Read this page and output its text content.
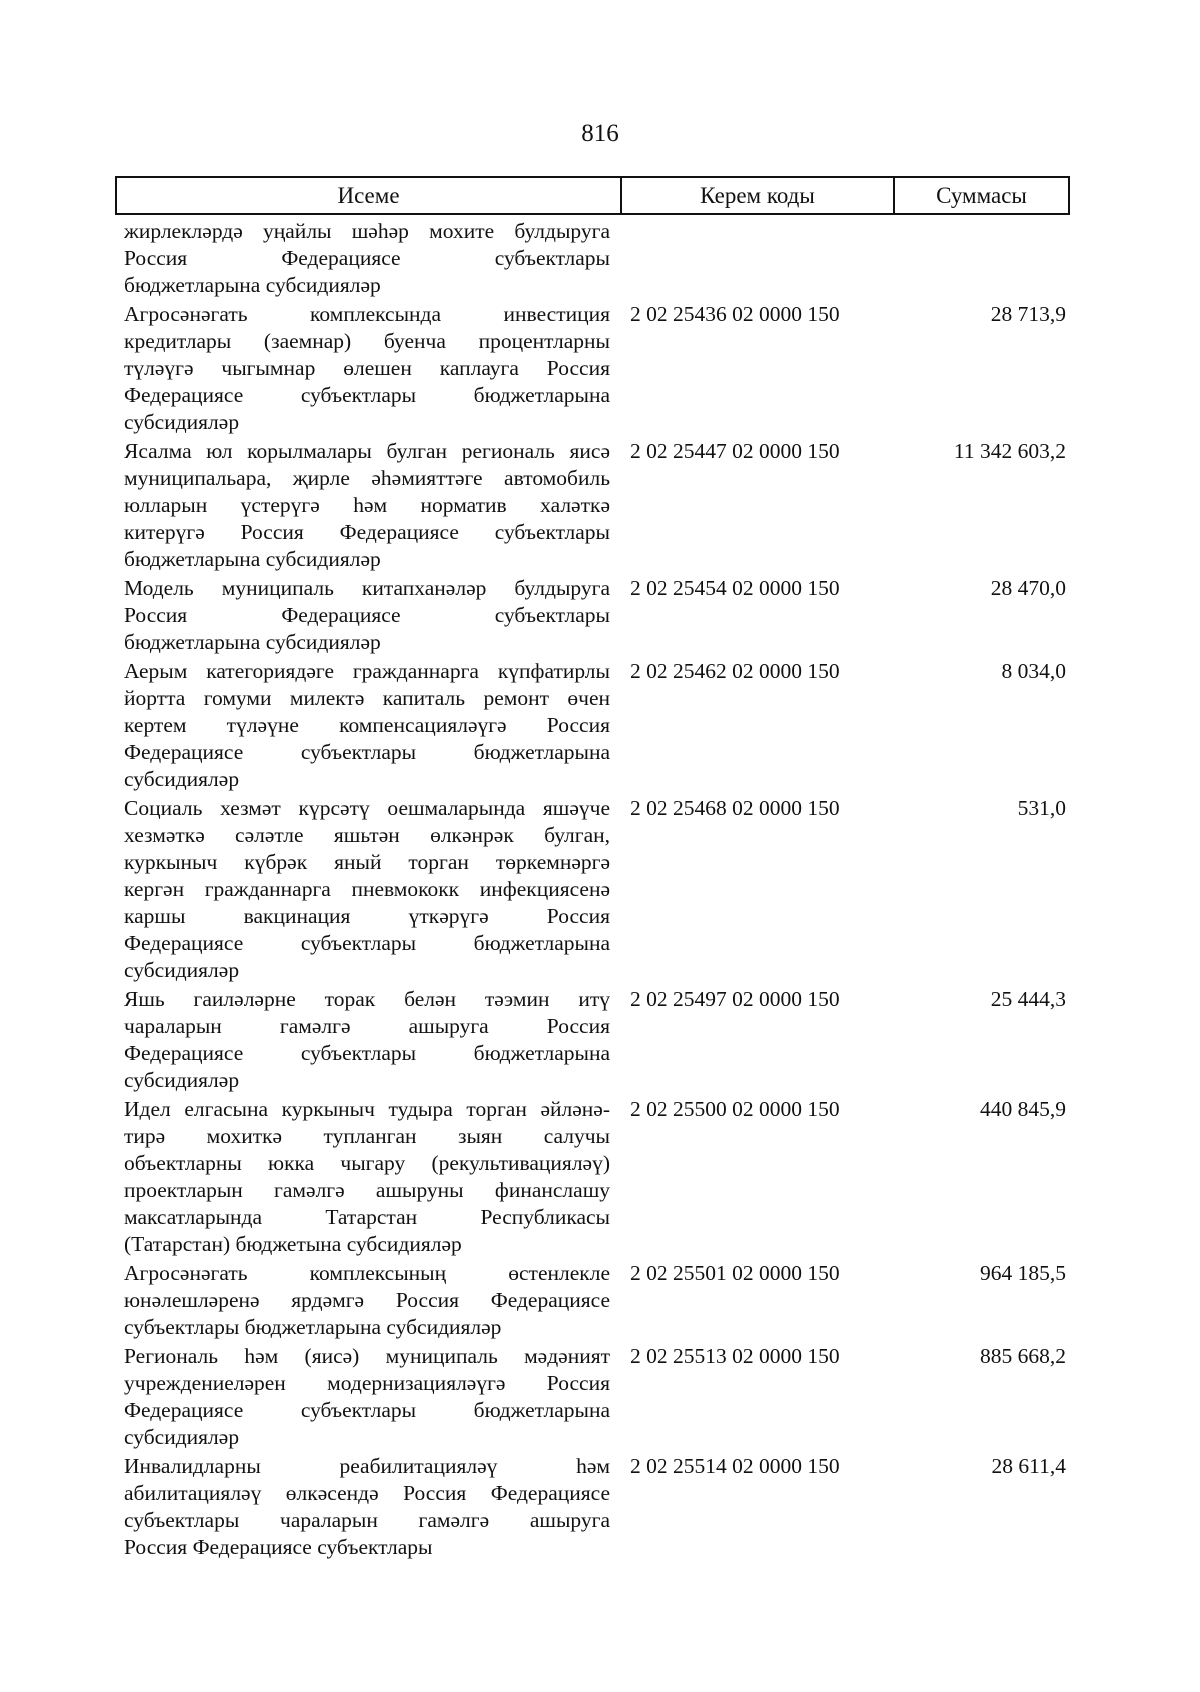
816
Исеме	Керем коды	Суммасы
жирлекләрдә уңайлы шәһәр мохите булдыруга
Россия Федерациясе субъектлары
бюджетларына субсидияләр
Агросәнәгать комплексында инвестиция
кредитлары (заемнар) буенча процентларны
түләүгә чыгымнар өлешен каплауга Россия
Федерациясе субъектлары бюджетларына
субсидияләр
2 02 25436 02 0000 150	28 713,9
Ясалма юл корылмалары булган региональ яисә
муниципальара, җирле әһәмияттәге автомобиль
юлларын үстерүгә һәм норматив халәткә
китерүгә Россия Федерациясе субъектлары
бюджетларына субсидияләр
2 02 25447 02 0000 150	11 342 603,2
Модель муниципаль китапханәләр булдыруга
Россия Федерациясе субъектлары
бюджетларына субсидияләр
2 02 25454 02 0000 150	28 470,0
Аерым категориядәге гражданнарга күпфатирлы
йортта гомуми милектә капиталь ремонт өчен
кертем түләүне компенсацияләүгә Россия
Федерациясе субъектлары бюджетларына
субсидияләр
2 02 25462 02 0000 150	8 034,0
Социаль хезмәт күрсәтү оешмаларында яшәүче
хезмәткә сәләтле яшьтән өлкәнрәк булган,
куркыныч күбрәк яный торган төркемнәргә
кергән гражданнарга пневмококк инфекциясенә
каршы вакцинация үткәрүгә Россия
Федерациясе субъектлары бюджетларына
субсидияләр
2 02 25468 02 0000 150	531,0
Яшь гаиләләрне торак белән тәэмин итү
чараларын гамәлгә ашыруга Россия
Федерациясе субъектлары бюджетларына
субсидияләр
2 02 25497 02 0000 150	25 444,3
Идел елгасына куркыныч тудыра торган әйләнә-
тирә мохиткә тупланган зыян салучы
объектларны юкка чыгару (рекультивацияләү)
проектларын гамәлгә ашыруны финанслашу
максатларында Татарстан Республикасы
(Татарстан) бюджетына субсидияләр
2 02 25500 02 0000 150	440 845,9
Агросәнәгать комплексының өстенлекле
юнәлешләренә ярдәмгә Россия Федерациясе
субъектлары бюджетларына субсидияләр
2 02 25501 02 0000 150	964 185,5
Региональ һәм (яисә) муниципаль мәдәният
учреждениеләрен модернизацияләүгә Россия
Федерациясе субъектлары бюджетларына
субсидияләр
2 02 25513 02 0000 150	885 668,2
Инвалидларны реабилитацияләү һәм
абилитацияләү өлкәсендә Россия Федерациясе
субъектлары чараларын гамәлгә ашыруга
Россия Федерациясе субъектлары
2 02 25514 02 0000 150	28 611,4
